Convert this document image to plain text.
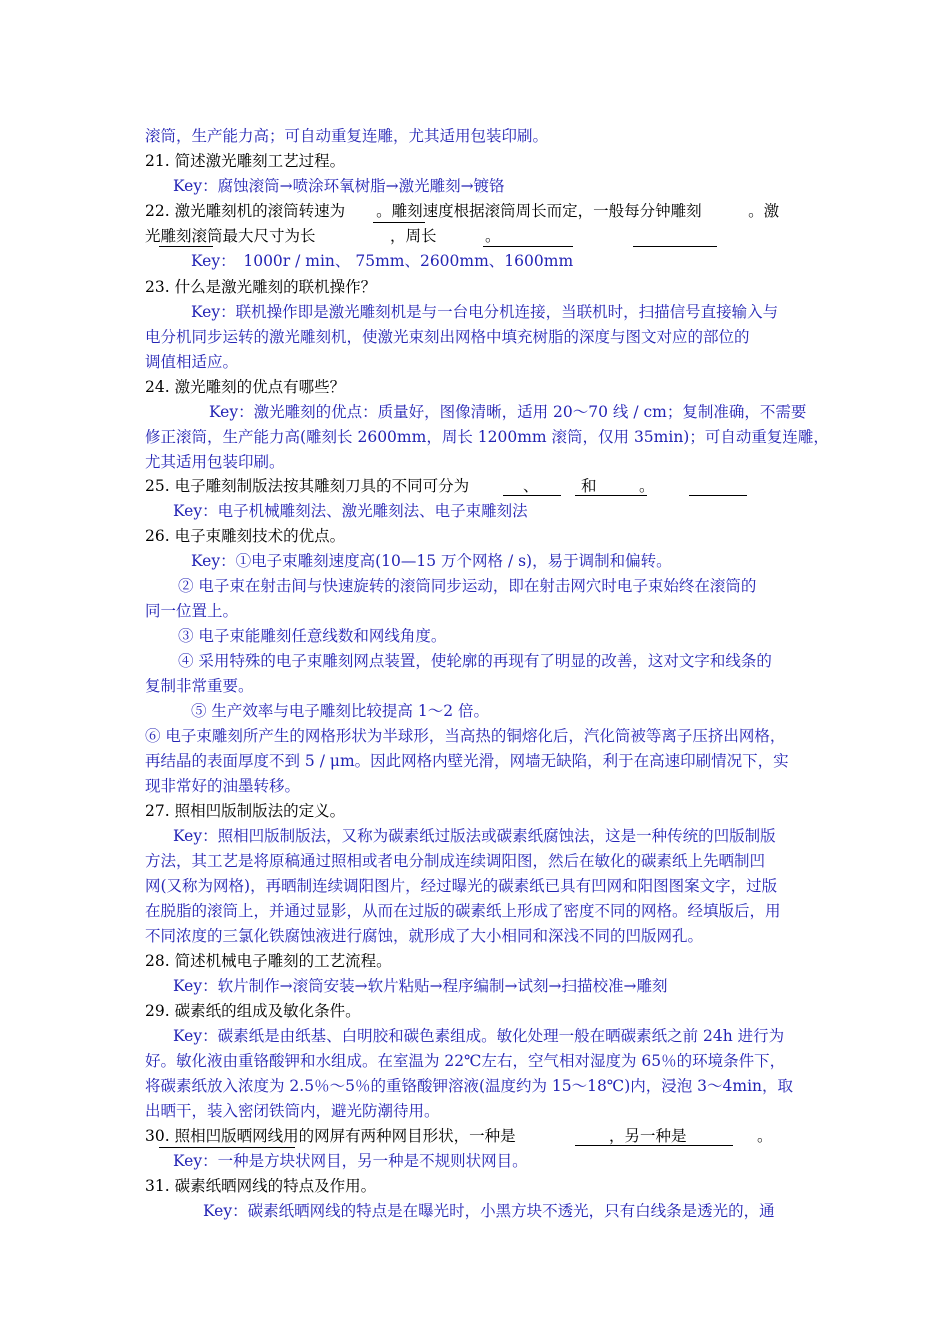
滚筒，生产能力高；可自动重复连雕，尤其适用包装印刷。
21. 简述激光雕刻工艺过程。
Key：腐蚀滚筒→喷涂环氧树脂→激光雕刻→镀铬
22. 激光雕刻机的滚筒转速为　　。雕刻速度根据滚筒周长而定，一般每分钟雕刻　　　。激
光雕刻滚筒最大尺寸为长	，周长	。
Key：　1000r / min、 75mm、2600mm、1600mm
23. 什么是激光雕刻的联机操作？
Key：联机操作即是激光雕刻机是与一台电分机连接，当联机时，扫描信号直接输入与
电分机同步运转的激光雕刻机，使激光束刻出网格中填充树脂的深度与图文对应的部位的
调值相适应。
24. 激光雕刻的优点有哪些？
Key：激光雕刻的优点：质量好，图像清晰，适用 20～70 线 / cm；复制准确，不需要
修正滚筒，生产能力高(雕刻长 2600mm，周长 1200mm 滚筒，仅用 35min)；可自动重复连雕，
尤其适用包装印刷。
25. 电子雕刻制版法按其雕刻刀具的不同可分为	、	和	。
Key：电子机械雕刻法、激光雕刻法、电子束雕刻法
26. 电子束雕刻技术的优点。
Key：①电子束雕刻速度高(10—15 万个网格 / s)，易于调制和偏转。
② 电子束在射击间与快速旋转的滚筒同步运动，即在射击网穴时电子束始终在滚筒的
同一位置上。
③ 电子束能雕刻任意线数和网线角度。
④ 采用特殊的电子束雕刻网点装置，使轮廓的再现有了明显的改善，这对文字和线条的
复制非常重要。
⑤ 生产效率与电子雕刻比较提高 1～2 倍。
⑥ 电子束雕刻所产生的网格形状为半球形，当高热的铜熔化后，汽化筒被等离子压挤出网格，
再结晶的表面厚度不到 5 / μm。因此网格内壁光滑，网墙无缺陷，利于在高速印刷情况下，实
现非常好的油墨转移。
27. 照相凹版制版法的定义。
Key：照相凹版制版法，又称为碳素纸过版法或碳素纸腐蚀法，这是一种传统的凹版制版
方法，其工艺是将原稿通过照相或者电分制成连续调阳图，然后在敏化的碳素纸上先晒制凹
网(又称为网格)，再晒制连续调阳图片，经过曝光的碳素纸已具有凹网和阳图图案文字，过版
在脱脂的滚筒上，并通过显影，从而在过版的碳素纸上形成了密度不同的网格。经填版后，用
不同浓度的三氯化铁腐蚀液进行腐蚀，就形成了大小相同和深浅不同的凹版网孔。
28. 简述机械电子雕刻的工艺流程。
Key：软片制作→滚筒安装→软片粘贴→程序编制→试刻→扫描校准→雕刻
29. 碳素纸的组成及敏化条件。
Key：碳素纸是由纸基、白明胶和碳色素组成。敏化处理一般在晒碳素纸之前 24h 进行为
好。敏化液由重铬酸钾和水组成。在室温为 22℃左右，空气相对湿度为 65％的环境条件下，
将碳素纸放入浓度为 2.5％～5％的重铬酸钾溶液(温度约为 15～18℃)内，浸泡 3～4min，取
出晒干，装入密闭铁筒内，避光防潮待用。
30. 照相凹版晒网线用的网屏有两种网目形状，一种是	，另一种是	。
Key：一种是方块状网目，另一种是不规则状网目。
31. 碳素纸晒网线的特点及作用。
Key：碳素纸晒网线的特点是在曝光时，小黑方块不透光，只有白线条是透光的，通
